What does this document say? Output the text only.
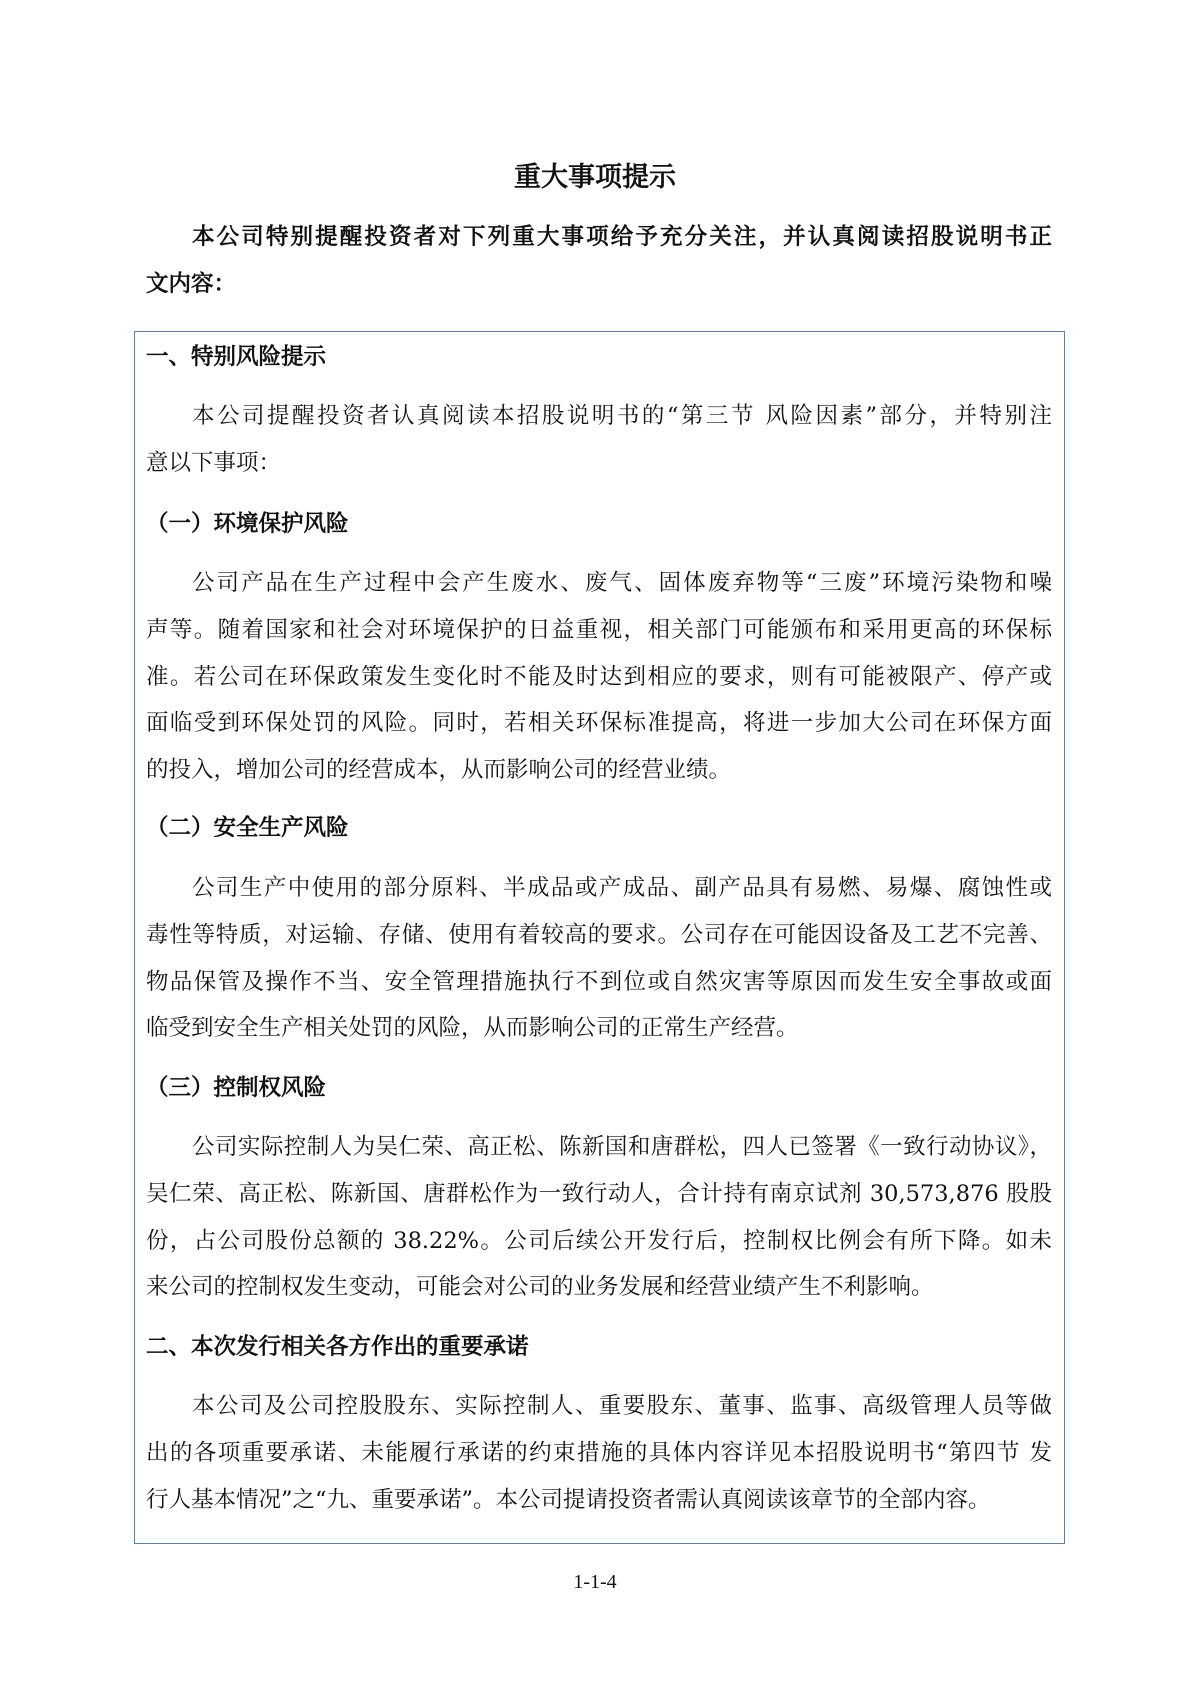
重大事项提示
本公司特别提醒投资者对下列重大事项给予充分关注，并认真阅读招股说明书正
文内容：
一、特别风险提示
本公司提醒投资者认真阅读本招股说明书的“第三节 风险因素”部分，并特别注
意以下事项：
（一）环境保护风险
公司产品在生产过程中会产生废水、废气、固体废弃物等“三废”环境污染物和噪
声等。随着国家和社会对环境保护的日益重视，相关部门可能颁布和采用更高的环保标
准。若公司在环保政策发生变化时不能及时达到相应的要求，则有可能被限产、停产或
面临受到环保处罚的风险。同时，若相关环保标准提高，将进一步加大公司在环保方面
的投入，增加公司的经营成本，从而影响公司的经营业绩。
（二）安全生产风险
公司生产中使用的部分原料、半成品或产成品、副产品具有易燃、易爆、腐蚀性或
毒性等特质，对运输、存储、使用有着较高的要求。公司存在可能因设备及工艺不完善、
物品保管及操作不当、安全管理措施执行不到位或自然灾害等原因而发生安全事故或面
临受到安全生产相关处罚的风险，从而影响公司的正常生产经营。
（三）控制权风险
公司实际控制人为吴仁荣、高正松、陈新国和唐群松，四人已签署《一致行动协议》，
吴仁荣、高正松、陈新国、唐群松作为一致行动人，合计持有南京试剂 30,573,876 股股
份，占公司股份总额的 38.22%。公司后续公开发行后，控制权比例会有所下降。如未
来公司的控制权发生变动，可能会对公司的业务发展和经营业绩产生不利影响。
二、本次发行相关各方作出的重要承诺
本公司及公司控股股东、实际控制人、重要股东、董事、监事、高级管理人员等做
出的各项重要承诺、未能履行承诺的约束措施的具体内容详见本招股说明书“第四节 发
行人基本情况”之“九、重要承诺”。本公司提请投资者需认真阅读该章节的全部内容。
1-1-4
